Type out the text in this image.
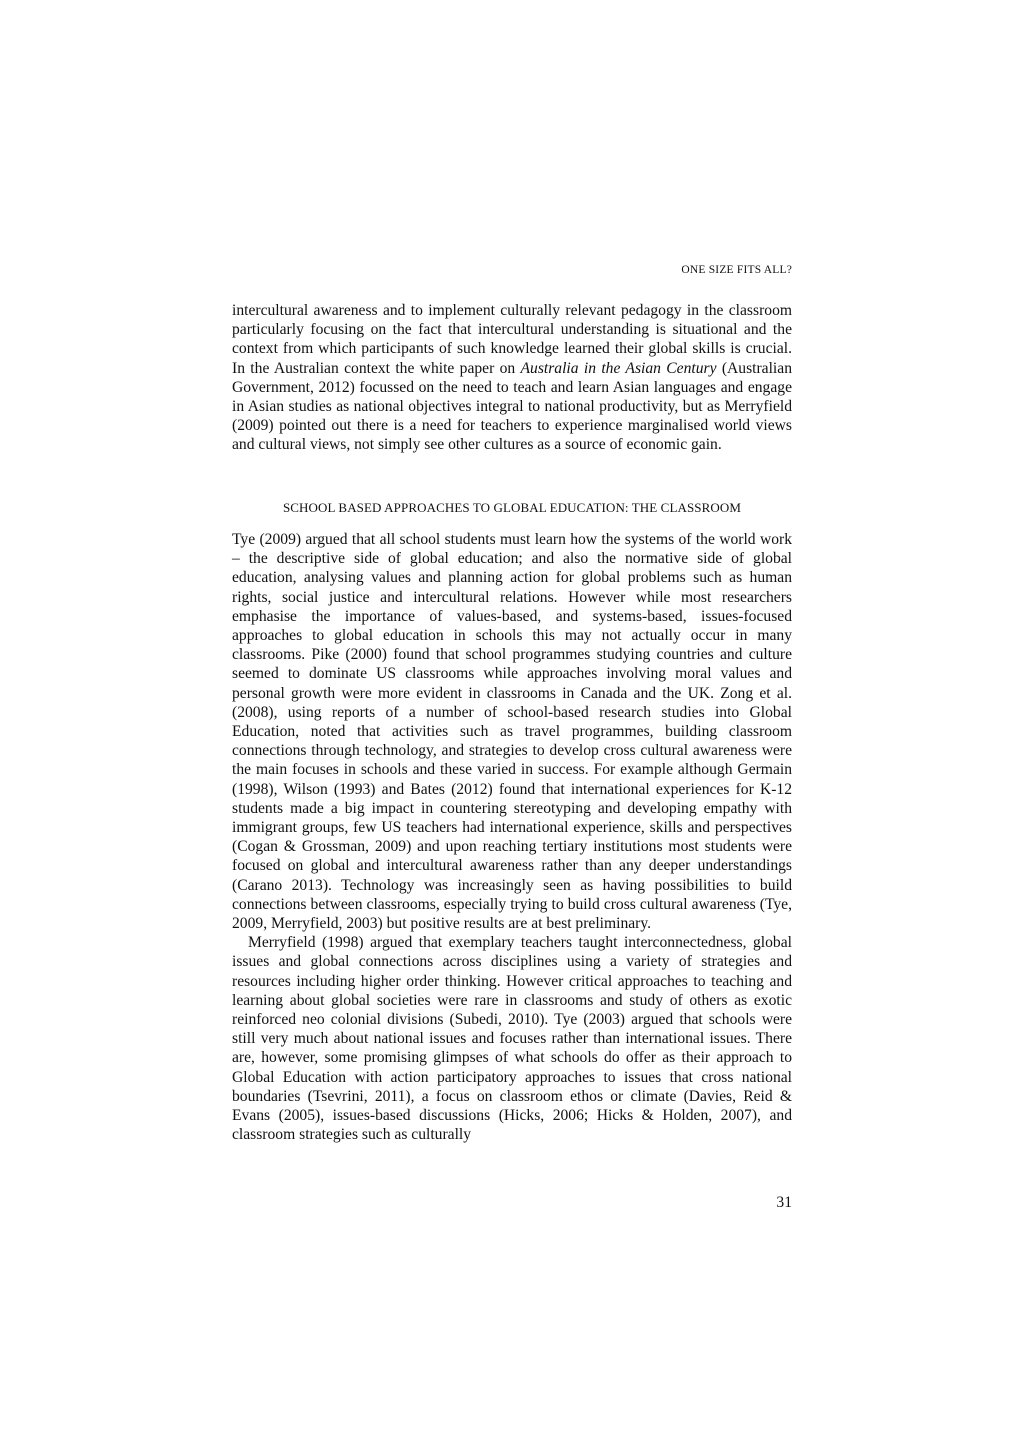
ONE SIZE FITS ALL?

intercultural awareness and to implement culturally relevant pedagogy in the classroom particularly focusing on the fact that intercultural understanding is situational and the context from which participants of such knowledge learned their global skills is crucial. In the Australian context the white paper on Australia in the Asian Century (Australian Government, 2012) focussed on the need to teach and learn Asian languages and engage in Asian studies as national objectives integral to national productivity, but as Merryfield (2009) pointed out there is a need for teachers to experience marginalised world views and cultural views, not simply see other cultures as a source of economic gain.

SCHOOL BASED APPROACHES TO GLOBAL EDUCATION: THE CLASSROOM

Tye (2009) argued that all school students must learn how the systems of the world work – the descriptive side of global education; and also the normative side of global education, analysing values and planning action for global problems such as human rights, social justice and intercultural relations. However while most researchers emphasise the importance of values-based, and systems-based, issues-focused approaches to global education in schools this may not actually occur in many classrooms. Pike (2000) found that school programmes studying countries and culture seemed to dominate US classrooms while approaches involving moral values and personal growth were more evident in classrooms in Canada and the UK. Zong et al. (2008), using reports of a number of school-based research studies into Global Education, noted that activities such as travel programmes, building classroom connections through technology, and strategies to develop cross cultural awareness were the main focuses in schools and these varied in success. For example although Germain (1998), Wilson (1993) and Bates (2012) found that international experiences for K-12 students made a big impact in countering stereotyping and developing empathy with immigrant groups, few US teachers had international experience, skills and perspectives (Cogan & Grossman, 2009) and upon reaching tertiary institutions most students were focused on global and intercultural awareness rather than any deeper understandings (Carano 2013). Technology was increasingly seen as having possibilities to build connections between classrooms, especially trying to build cross cultural awareness (Tye, 2009, Merryfield, 2003) but positive results are at best preliminary.

Merryfield (1998) argued that exemplary teachers taught interconnectedness, global issues and global connections across disciplines using a variety of strategies and resources including higher order thinking. However critical approaches to teaching and learning about global societies were rare in classrooms and study of others as exotic reinforced neo colonial divisions (Subedi, 2010). Tye (2003) argued that schools were still very much about national issues and focuses rather than international issues. There are, however, some promising glimpses of what schools do offer as their approach to Global Education with action participatory approaches to issues that cross national boundaries (Tsevrini, 2011), a focus on classroom ethos or climate (Davies, Reid & Evans (2005), issues-based discussions (Hicks, 2006; Hicks & Holden, 2007), and classroom strategies such as culturally

31
